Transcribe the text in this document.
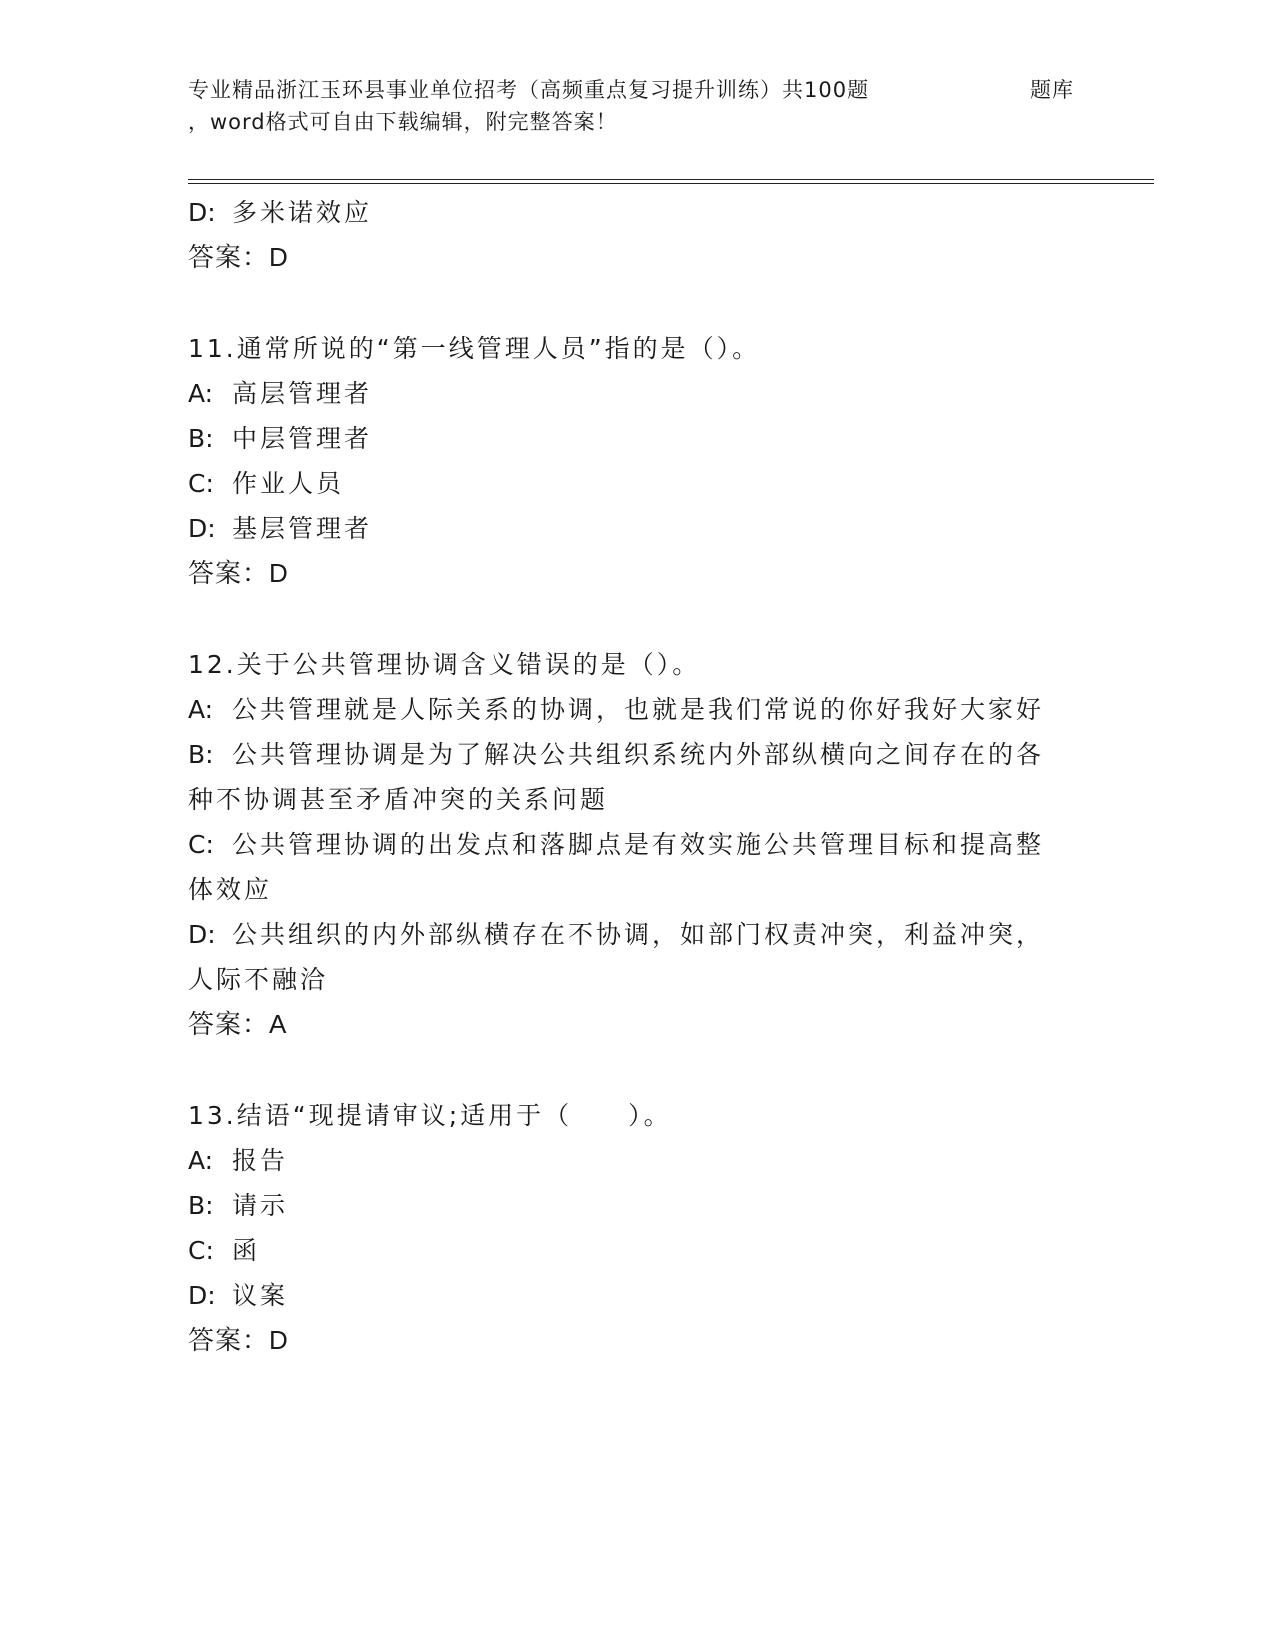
专业精品浙江玉环县事业单位招考（高频重点复习提升训练）共100题	题库
，word格式可自由下载编辑，附完整答案！
D: 多米诺效应
答案：D
11.通常所说的“第一线管理人员”指的是（）。
A: 高层管理者
B: 中层管理者
C: 作业人员
D: 基层管理者
答案：D
12.关于公共管理协调含义错误的是（）。
A: 公共管理就是人际关系的协调，也就是我们常说的你好我好大家好
B: 公共管理协调是为了解决公共组织系统内外部纵横向之间存在的各
种不协调甚至矛盾冲突的关系问题
C: 公共管理协调的出发点和落脚点是有效实施公共管理目标和提高整
体效应
D: 公共组织的内外部纵横存在不协调，如部门权责冲突，利益冲突，
人际不融洽
答案：A
13.结语“现提请审议;适用于（　　）。
A: 报告
B: 请示
C: 函
D: 议案
答案：D
